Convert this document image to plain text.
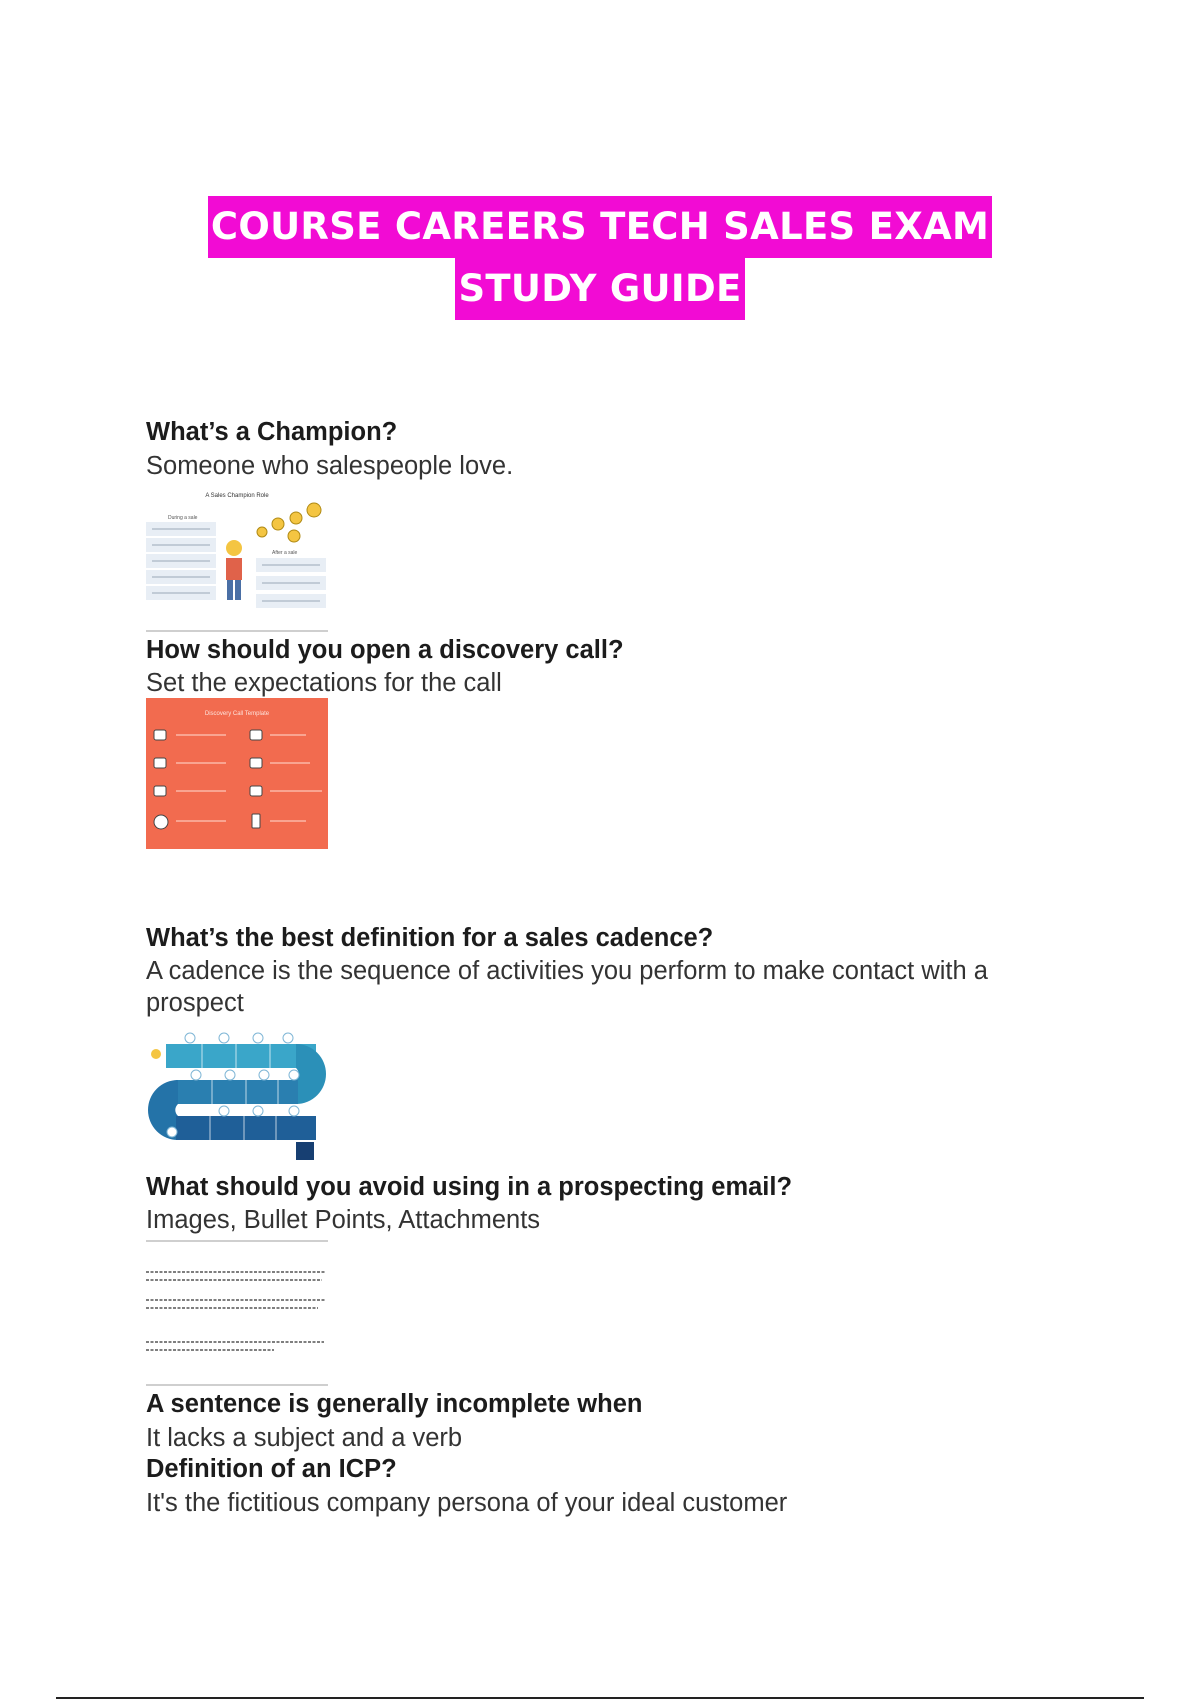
COURSE CAREERS TECH SALES EXAM
STUDY GUIDE
What’s a Champion?
Someone who salespeople love.
A Sales Champion Role
During a sale
After a sale
How should you open a discovery call?
Set the expectations for the call
Discovery Call Template
What’s the best definition for a sales cadence?
A cadence is the sequence of activities you perform to make contact with a prospect
What should you avoid using in a prospecting email?
Images, Bullet Points, Attachments
A sentence is generally incomplete when
It lacks a subject and a verb
Definition of an ICP?
It's the fictitious company persona of your ideal customer
